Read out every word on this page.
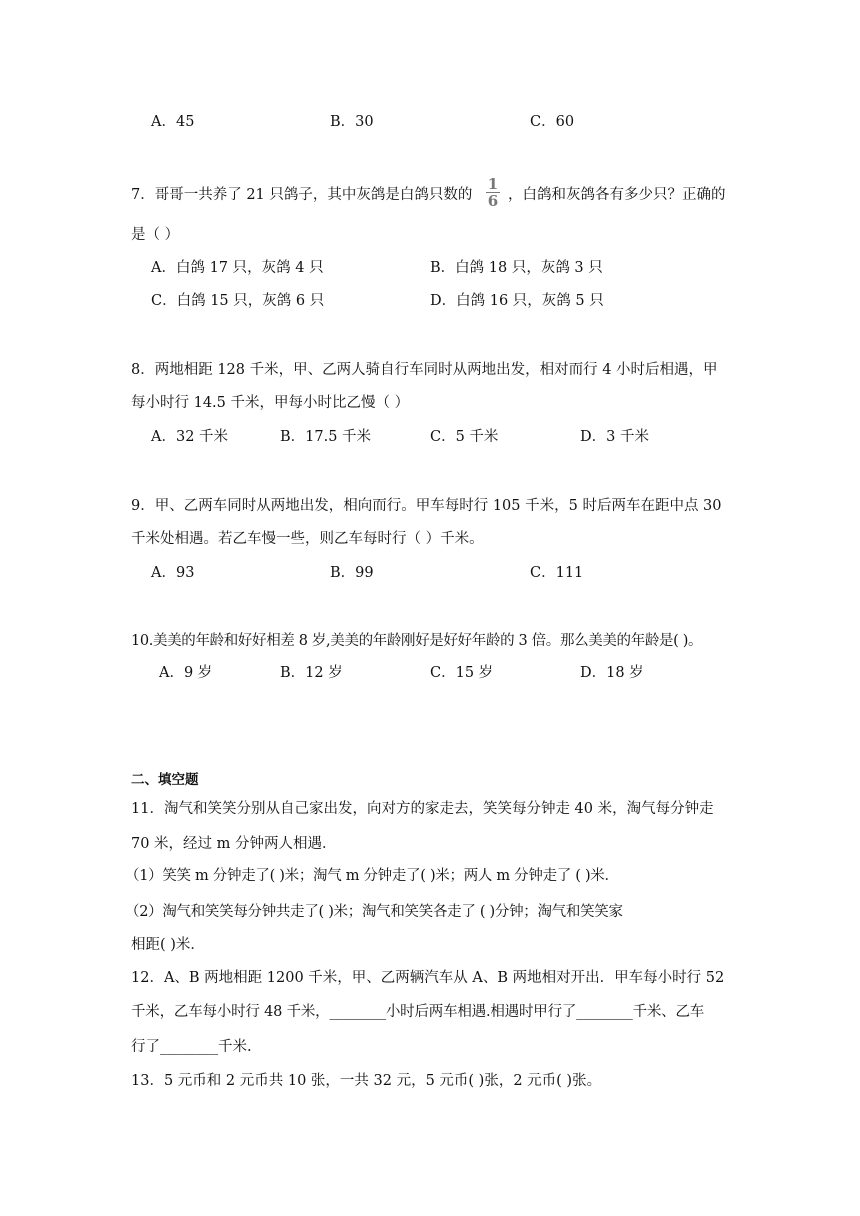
A．45	B．30	C．60
7．哥哥一共养了 21 只鸽子，其中灰鸽是白鸽只数的 $\frac{1}{6}$ ，白鸽和灰鸽各有多少只？正确的
是（ ）
A．白鸽 17 只，灰鸽 4 只	B．白鸽 18 只，灰鸽 3 只
C．白鸽 15 只，灰鸽 6 只	D．白鸽 16 只，灰鸽 5 只
8．两地相距 128 千米，甲、乙两人骑自行车同时从两地出发，相对而行 4 小时后相遇，甲
每小时行 14.5 千米，甲每小时比乙慢（ ）
A．32 千米	B．17.5 千米	C．5 千米	D．3 千米
9．甲、乙两车同时从两地出发，相向而行。甲车每时行 105 千米，5 时后两车在距中点 30
千米处相遇。若乙车慢一些，则乙车每时行（ ）千米。
A．93	B．99	C．111
10.美美的年龄和好好相差 8 岁,美美的年龄刚好是好好年龄的 3 倍。那么美美的年龄是( )。
A．9 岁	B．12 岁	C．15 岁	D．18 岁
二、填空题
11．淘气和笑笑分别从自己家出发，向对方的家走去，笑笑每分钟走 40 米，淘气每分钟走
70 米，经过 m 分钟两人相遇．
（1）笑笑 m 分钟走了( )米；淘气 m 分钟走了( )米；两人 m 分钟走了 ( )米．
（2）淘气和笑笑每分钟共走了( )米；淘气和笑笑各走了 ( )分钟；淘气和笑笑家
相距( )米．
12．A、B 两地相距 1200 千米，甲、乙两辆汽车从 A、B 两地相对开出．甲车每小时行 52
千米，乙车每小时行 48 千米，________小时后两车相遇.相遇时甲行了________千米、乙车
行了________千米.
13．5 元币和 2 元币共 10 张，一共 32 元，5 元币( )张，2 元币( )张。
